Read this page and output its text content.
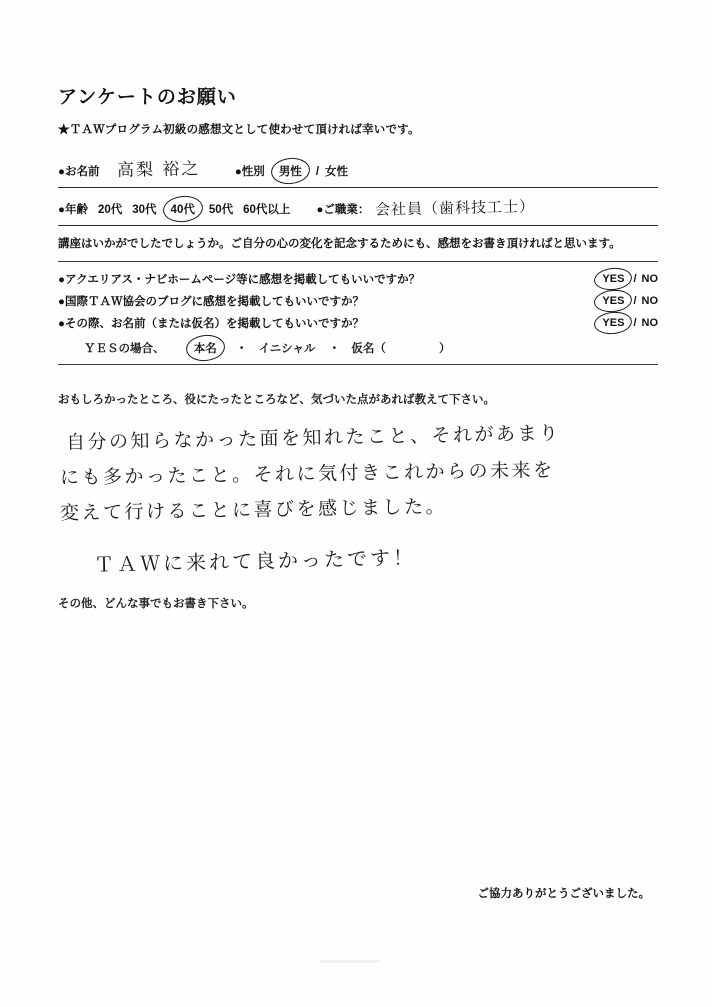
アンケートのお願い

★ＴＡＷプログラム初級の感想文として使わせて頂ければ幸いです。

●お名前 高梨 裕之	●性別	男性	/ 女性
●年齢 20代 30代	40代	50代 60代以上 ●ご職業： 会社員（歯科技工士）

講座はいかがでしたでしょうか。ご自分の心の変化を記念するためにも、感想をお書き頂ければと思います。

●アクエリアス・ナビホームページ等に感想を掲載してもいいですか？	YES / NO
●国際ＴＡＷ協会のブログに感想を掲載してもいいですか？	YES / NO
●その際、お名前（または仮名）を掲載してもいいですか？	YES / NO
ＹＥＳの場合、	本名 ・ イニシャル ・ 仮名（	）

おもしろかったところ、役にたったところなど、気づいた点があれば教えて下さい。

自分の知らなかった面を知れたこと、それがあまり
にも多かったこと。それに気付きこれからの未来を
変えて行けることに喜びを感じました。
ＴＡＷに来れて良かったです！

その他、どんな事でもお書き下さい。

ご協力ありがとうございました。
